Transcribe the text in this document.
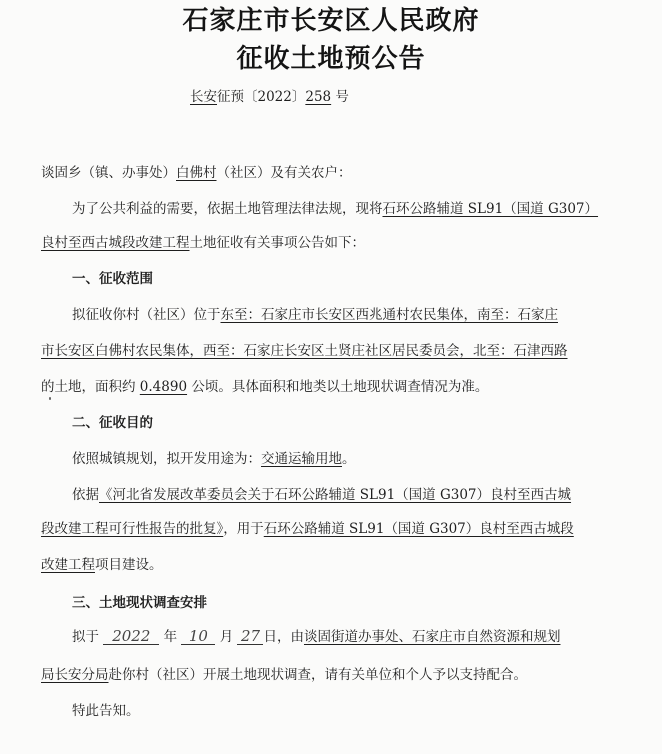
石家庄市长安区人民政府
征收土地预公告
长安征预〔2022〕258 号
谈固乡（镇、办事处）白佛村（社区）及有关农户：
为了公共利益的需要，依据土地管理法律法规，现将石环公路辅道 SL91（国道 G307）
良村至西古城段改建工程土地征收有关事项公告如下：
一、征收范围
拟征收你村（社区）位于东至：石家庄市长安区西兆通村农民集体，南至：石家庄
市长安区白佛村农民集体，西至：石家庄长安区土贤庄社区居民委员会，北至：石津西路
的土地，面积约 0.4890 公顷。具体面积和地类以土地现状调查情况为准。
二、征收目的
依照城镇规划，拟开发用途为：交通运输用地。
依据《河北省发展改革委员会关于石环公路辅道 SL91（国道 G307）良村至西古城
段改建工程可行性报告的批复》，用于石环公路辅道 SL91（国道 G307）良村至西古城段
改建工程项目建设。
三、土地现状调查安排
拟于 2022 年 10 月 27 日，由谈固街道办事处、石家庄市自然资源和规划
局长安分局赴你村（社区）开展土地现状调查，请有关单位和个人予以支持配合。
特此告知。
